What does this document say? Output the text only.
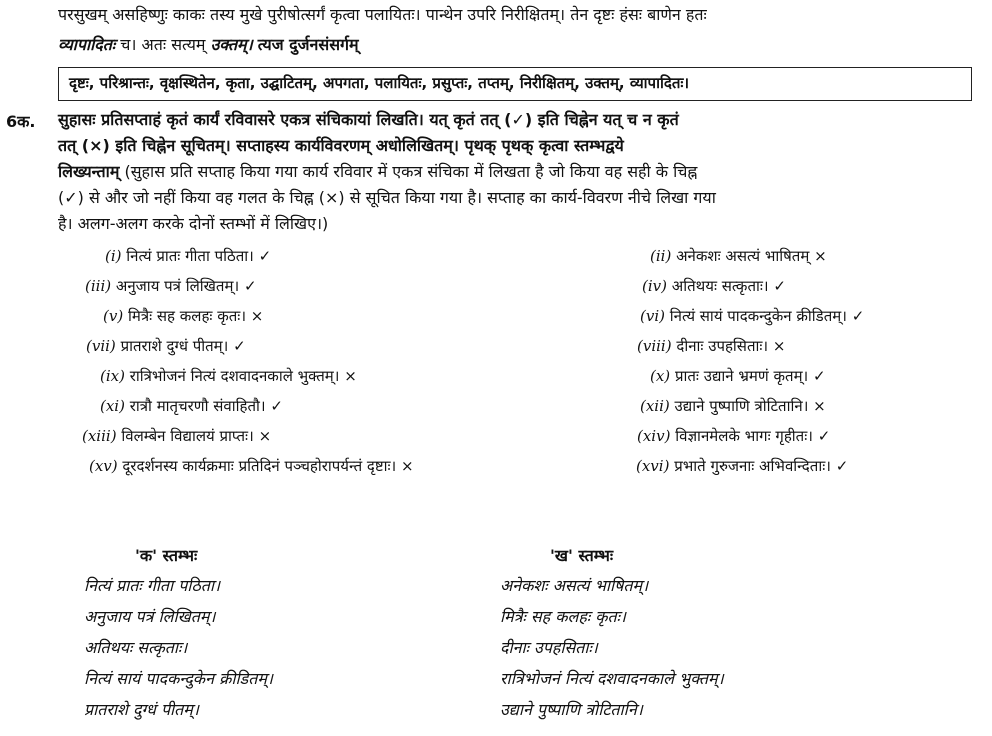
परसुखम् असहिष्णुः काकः तस्य मुखे पुरीषोत्सर्गं कृत्वा पलायितः। पान्थेन उपरि निरीक्षितम्। तेन दृष्टः हंसः बाणेन हतः
व्यापादितः च। अतः सत्यम् उक्तम्। त्यज दुर्जनसंसर्गम्
दृष्टः, परिश्रान्तः, वृक्षस्थितेन, कृता, उद्घाटितम्, अपगता, पलायितः, प्रसुप्तः, तप्तम्, निरीक्षितम्, उक्तम्, व्यापादितः।
6क. सुहासः प्रतिसप्ताहं कृतं कार्यं रविवासरे एकत्र संचिकायां लिखति। यत् कृतं तत् (✓) इति चिह्नेन यत् च न कृतं
तत् (×) इति चिह्नेन सूचितम्। सप्ताहस्य कार्यविवरणम् अधोलिखितम्। पृथक् पृथक् कृत्वा स्तम्भद्वये
लिख्यन्ताम् (सुहास प्रति सप्ताह किया गया कार्य रविवार में एकत्र संचिका में लिखता है जो किया वह सही के चिह्न
(✓) से और जो नहीं किया वह गलत के चिह्न (×) से सूचित किया गया है। सप्ताह का कार्य-विवरण नीचे लिखा गया
है। अलग-अलग करके दोनों स्तम्भों में लिखिए।)
(i) नित्यं प्रातः गीता पठिता। ✓
(iii) अनुजाय पत्रं लिखितम्। ✓
(v) मित्रैः सह कलहः कृतः। ×
(vii) प्रातराशे दुग्धं पीतम्। ✓
(ix) रात्रिभोजनं नित्यं दशवादनकाले भुक्तम्। ×
(xi) रात्रौ मातृचरणौ संवाहितौ। ✓
(xiii) विलम्बेन विद्यालयं प्राप्तः। ×
(xv) दूरदर्शनस्य कार्यक्रमाः प्रतिदिनं पञ्चहोरापर्यन्तं दृष्टाः। ×
(ii) अनेकशः असत्यं भाषितम् ×
(iv) अतिथयः सत्कृताः। ✓
(vi) नित्यं सायं पादकन्दुकेन क्रीडितम्। ✓
(viii) दीनाः उपहसिताः। ×
(x) प्रातः उद्याने भ्रमणं कृतम्। ✓
(xii) उद्याने पुष्पाणि त्रोटितानि। ×
(xiv) विज्ञानमेलके भागः गृहीतः। ✓
(xvi) प्रभाते गुरुजनाः अभिवन्दिताः। ✓
'क' स्तम्भः	'ख' स्तम्भः
नित्यं प्रातः गीता पठिता।
अनुजाय पत्रं लिखितम्।
अतिथयः सत्कृताः।
नित्यं सायं पादकन्दुकेन क्रीडितम्।
प्रातराशे दुग्धं पीतम्।
अनेकशः असत्यं भाषितम्।
मित्रैः सह कलहः कृतः।
दीनाः उपहसिताः।
रात्रिभोजनं नित्यं दशवादनकाले भुक्तम्।
उद्याने पुष्पाणि त्रोटितानि।
